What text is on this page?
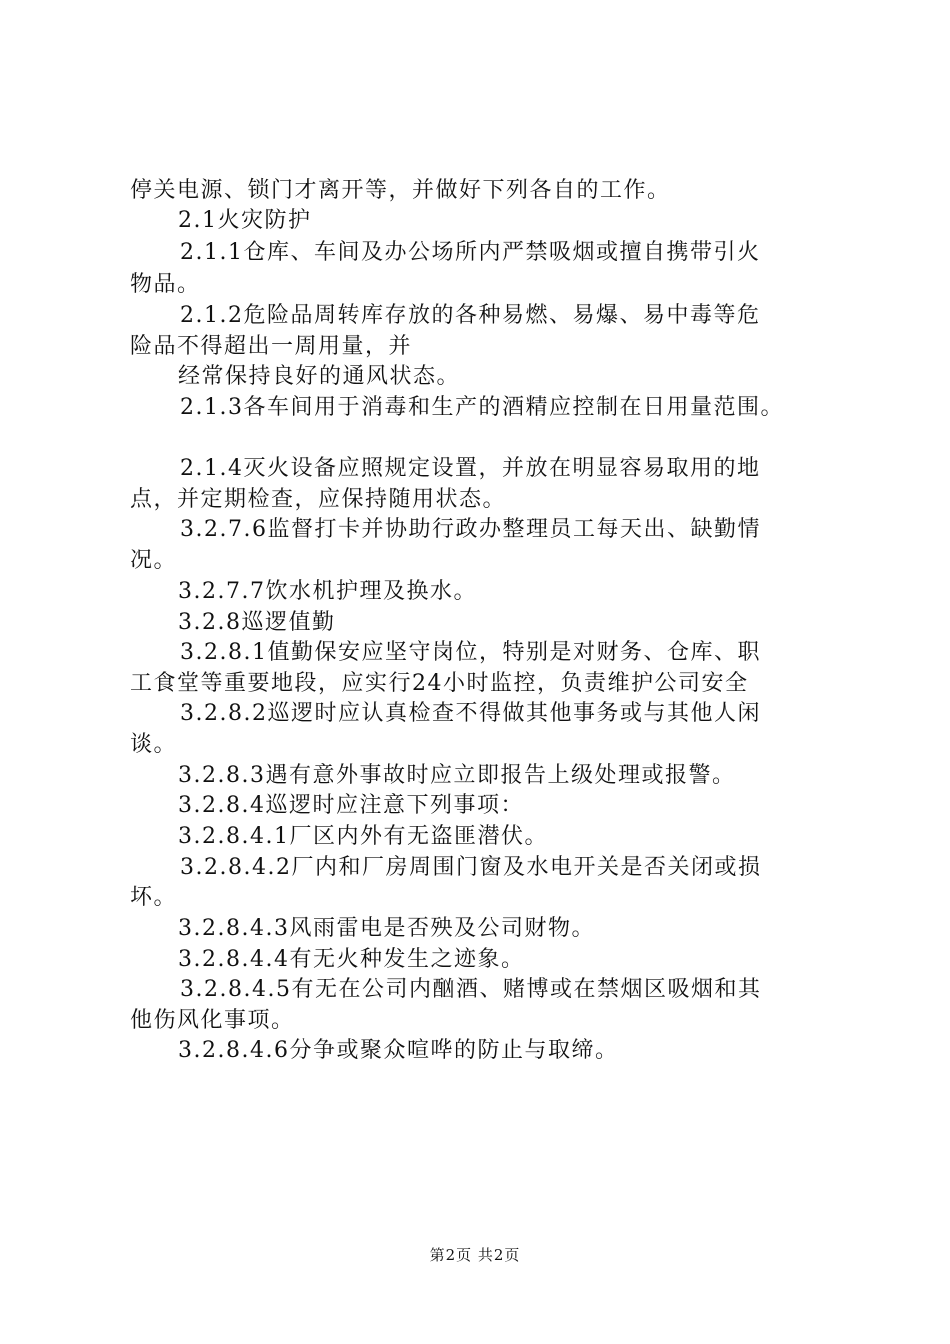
停关电源、锁门才离开等，并做好下列各自的工作。
2.1火灾防护
2.1.1仓库、车间及办公场所内严禁吸烟或擅自携带引火
物品。
2.1.2危险品周转库存放的各种易燃、易爆、易中毒等危
险品不得超出一周用量，并
经常保持良好的通风状态。
2.1.3各车间用于消毒和生产的酒精应控制在日用量范围。
2.1.4灭火设备应照规定设置，并放在明显容易取用的地
点，并定期检查，应保持随用状态。
3.2.7.6监督打卡并协助行政办整理员工每天出、缺勤情
况。
3.2.7.7饮水机护理及换水。
3.2.8巡逻值勤
3.2.8.1值勤保安应坚守岗位，特别是对财务、仓库、职
工食堂等重要地段，应实行24小时监控，负责维护公司安全
3.2.8.2巡逻时应认真检查不得做其他事务或与其他人闲
谈。
3.2.8.3遇有意外事故时应立即报告上级处理或报警。
3.2.8.4巡逻时应注意下列事项：
3.2.8.4.1厂区内外有无盗匪潜伏。
3.2.8.4.2厂内和厂房周围门窗及水电开关是否关闭或损
坏。
3.2.8.4.3风雨雷电是否殃及公司财物。
3.2.8.4.4有无火种发生之迹象。
3.2.8.4.5有无在公司内酗酒、赌博或在禁烟区吸烟和其
他伤风化事项。
3.2.8.4.6分争或聚众喧哗的防止与取缔。
第2页 共2页
